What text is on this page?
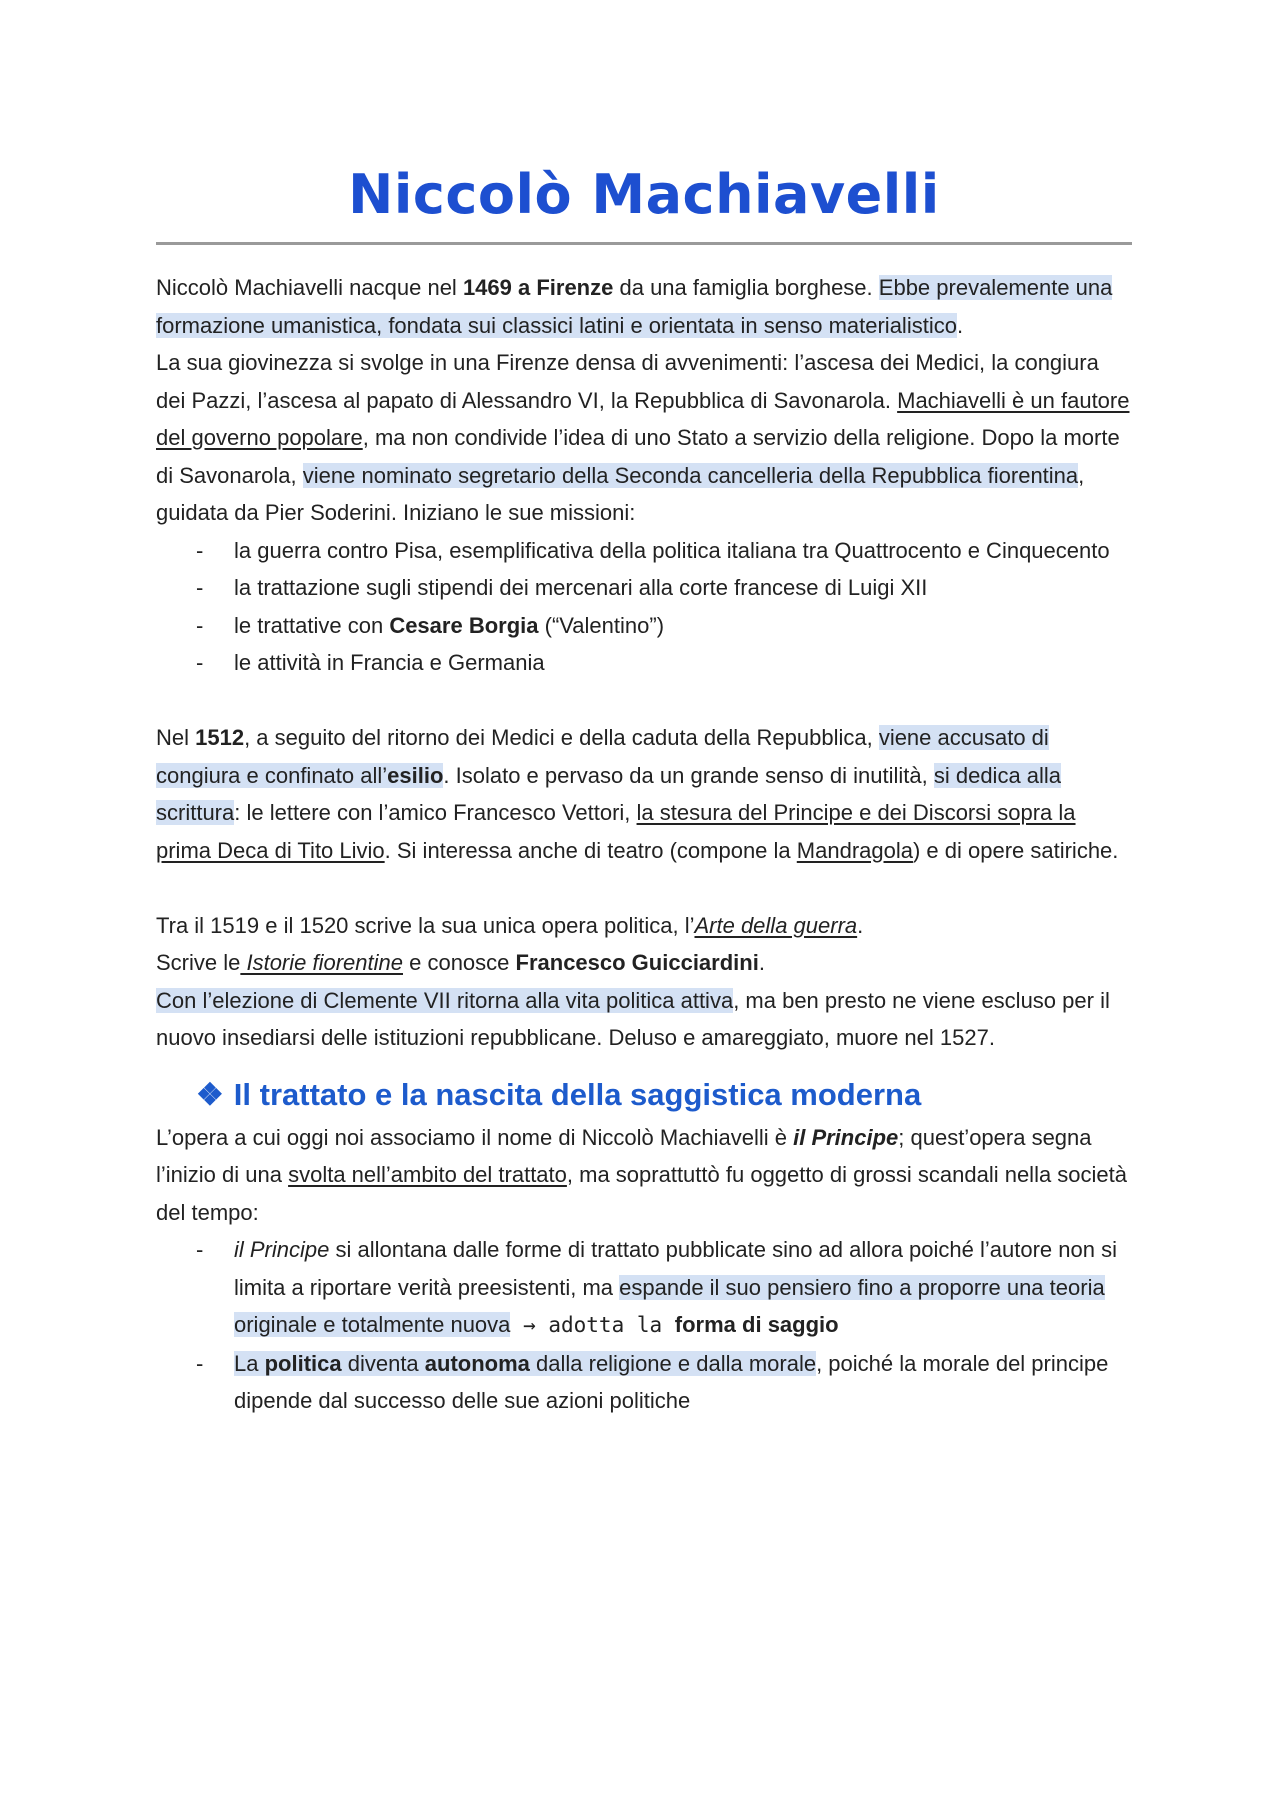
Niccolò Machiavelli

Niccolò Machiavelli nacque nel 1469 a Firenze da una famiglia borghese. Ebbe prevalemente una formazione umanistica, fondata sui classici latini e orientata in senso materialistico.

La sua giovinezza si svolge in una Firenze densa di avvenimenti: l’ascesa dei Medici, la congiura dei Pazzi, l’ascesa al papato di Alessandro VI, la Repubblica di Savonarola. Machiavelli è un fautore del governo popolare, ma non condivide l’idea di uno Stato a servizio della religione. Dopo la morte di Savonarola, viene nominato segretario della Seconda cancelleria della Repubblica fiorentina, guidata da Pier Soderini. Iniziano le sue missioni:

- la guerra contro Pisa, esemplificativa della politica italiana tra Quattrocento e Cinquecento
- la trattazione sugli stipendi dei mercenari alla corte francese di Luigi XII
- le trattative con Cesare Borgia (“Valentino”)
- le attività in Francia e Germania

Nel 1512, a seguito del ritorno dei Medici e della caduta della Repubblica, viene accusato di congiura e confinato all’esilio. Isolato e pervaso da un grande senso di inutilità, si dedica alla scrittura: le lettere con l’amico Francesco Vettori, la stesura del Principe e dei Discorsi sopra la prima Deca di Tito Livio. Si interessa anche di teatro (compone la Mandragola) e di opere satiriche.

Tra il 1519 e il 1520 scrive la sua unica opera politica, l’Arte della guerra.

Scrive le Istorie fiorentine e conosce Francesco Guicciardini.

Con l’elezione di Clemente VII ritorna alla vita politica attiva, ma ben presto ne viene escluso per il nuovo insediarsi delle istituzioni repubblicane. Deluso e amareggiato, muore nel 1527.

❖ Il trattato e la nascita della saggistica moderna

L’opera a cui oggi noi associamo il nome di Niccolò Machiavelli è il Principe; quest’opera segna l’inizio di una svolta nell’ambito del trattato, ma soprattuttò fu oggetto di grossi scandali nella società del tempo:

- il Principe si allontana dalle forme di trattato pubblicate sino ad allora poiché l’autore non si limita a riportare verità preesistenti, ma espande il suo pensiero fino a proporre una teoria originale e totalmente nuova → adotta la forma di saggio
- La politica diventa autonoma dalla religione e dalla morale, poiché la morale del principe dipende dal successo delle sue azioni politiche
